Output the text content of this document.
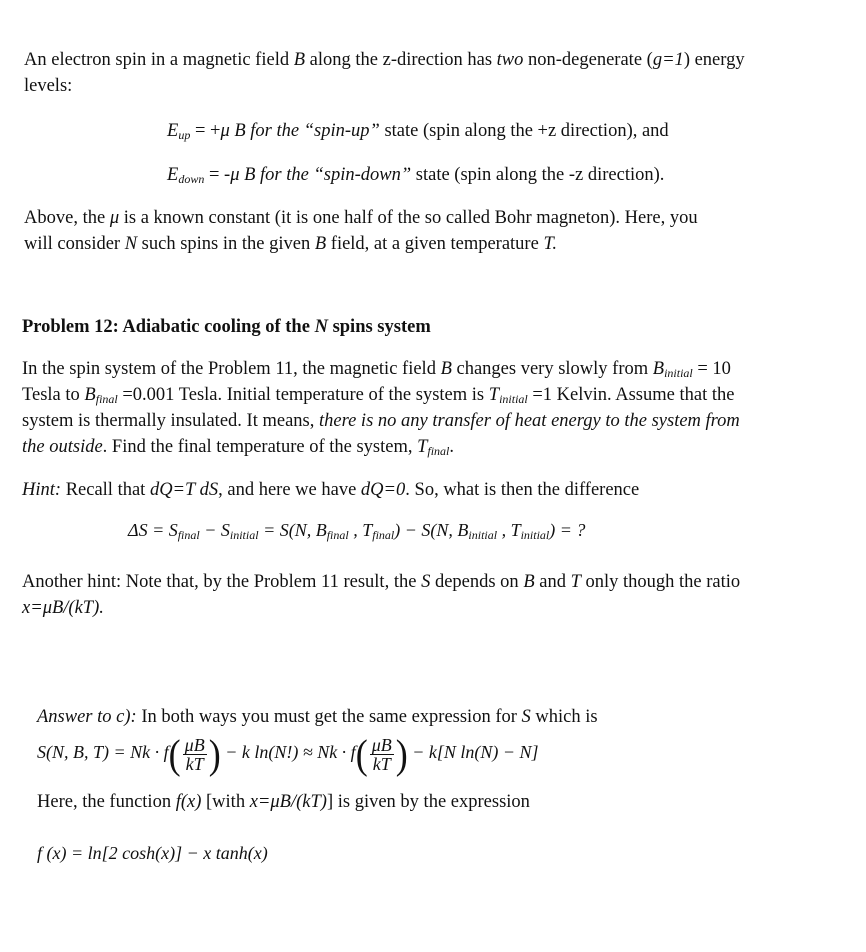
An electron spin in a magnetic field B along the z-direction has two non-degenerate (g=1) energy
levels:
$E_{up} = +\mu$ B for the “spin-up” state (spin along the +z direction), and
$E_{down} = -\mu$ B for the “spin-down” state (spin along the -z direction).
Above, the μ is a known constant (it is one half of the so called Bohr magneton). Here, you
will consider N such spins in the given B field, at a given temperature T.
Problem 12: Adiabatic cooling of the N spins system
In the spin system of the Problem 11, the magnetic field B changes very slowly from $B_{initial} = 10$
Tesla to $B_{final} =0.001$ Tesla. Initial temperature of the system is $T_{initial} =1$ Kelvin. Assume that the
system is thermally insulated. It means, there is no any transfer of heat energy to the system from
the outside. Find the final temperature of the system, $T_{final}$.
Hint: Recall that dQ=T dS, and here we have dQ=0. So, what is then the difference
$\Delta S = S_{final} - S_{initial} = S(N$, $B_{final}$ , $T_{final}) - S(N$, $B_{initial}$ , $T_{initial}$) = ?
Another hint: Note that, by the Problem 11 result, the S depends on B and T only though the ratio
x=μB/(kT).
Answer to c): In both ways you must get the same expression for S which is
S(N, B, $T) = Nk \cdot f( \frac{\mu B}{kT}$ ) − k $\ln(N!) \approx Nk \cdot f( \frac{\mu B}{kT}$ ) − k[N ln(N) − N]
Here, the function f(x) [with x=μB/(kT)] is given by the expression
f (x) = ln[2 cosh(x)] − x tanh(x)
